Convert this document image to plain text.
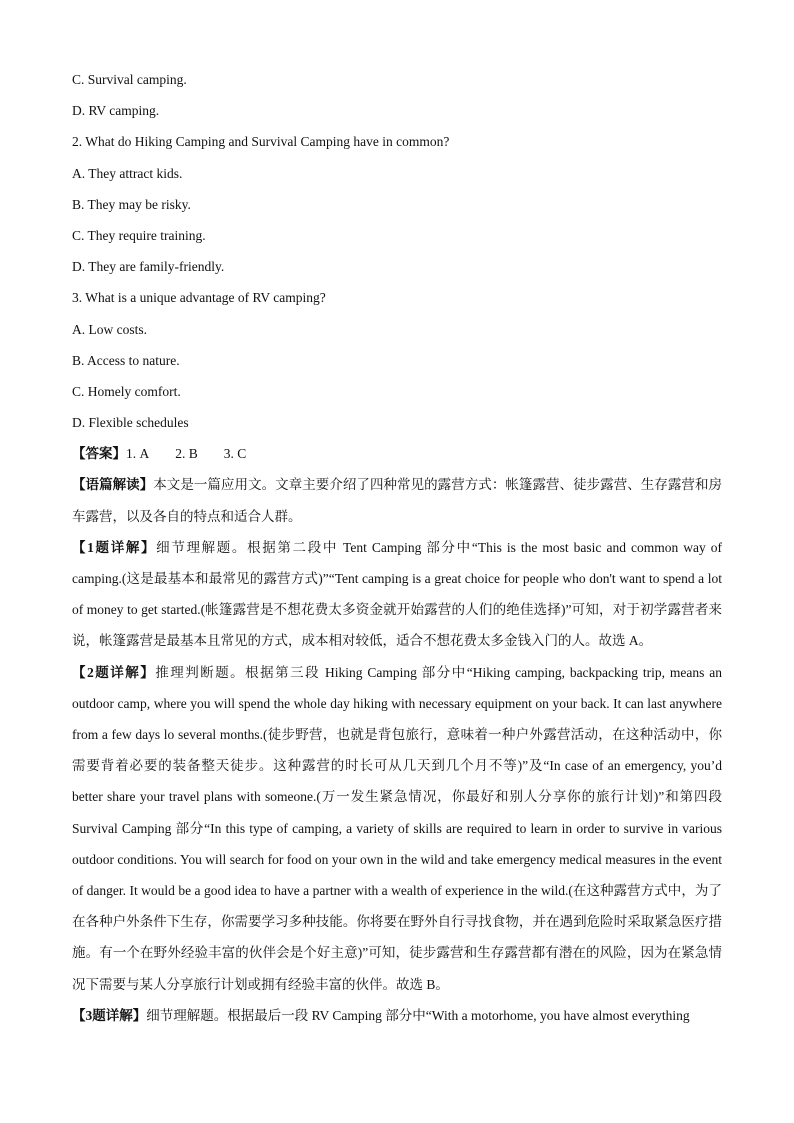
C. Survival camping.
D. RV camping.
2. What do Hiking Camping and Survival Camping have in common?
A. They attract kids.
B. They may be risky.
C. They require training.
D. They are family-friendly.
3. What is a unique advantage of RV camping?
A. Low costs.
B. Access to nature.
C. Homely comfort.
D. Flexible schedules
【答案】1. A 2. B 3. C

【语篇解读】本文是一篇应用文。文章主要介绍了四种常见的露营方式：帐篷露营、徒步露营、生存露营和房车露营，以及各自的特点和适合人群。

【1题详解】细节理解题。根据第二段中 Tent Camping 部分中“This is the most basic and common way of camping.(这是最基本和最常见的露营方式)”“Tent camping is a great choice for people who don't want to spend a lot of money to get started.(帐篷露营是不想花费太多资金就开始露营的人们的绝佳选择)”可知，对于初学露营者来说，帐篷露营是最基本且常见的方式，成本相对较低，适合不想花费太多金钱入门的人。故选 A。

【2题详解】推理判断题。根据第三段 Hiking Camping 部分中“Hiking camping, backpacking trip, means an outdoor camp, where you will spend the whole day hiking with necessary equipment on your back. It can last anywhere from a few days lo several months.(徒步野营，也就是背包旅行，意味着一种户外露营活动，在这种活动中，你需要背着必要的装备整天徒步。这种露营的时长可从几天到几个月不等)”及“In case of an emergency, you’d better share your travel plans with someone.(万一发生紧急情况，你最好和别人分享你的旅行计划)”和第四段 Survival Camping 部分“In this type of camping, a variety of skills are required to learn in order to survive in various outdoor conditions. You will search for food on your own in the wild and take emergency medical measures in the event of danger. It would be a good idea to have a partner with a wealth of experience in the wild.(在这种露营方式中，为了在各种户外条件下生存，你需要学习多种技能。你将要在野外自行寻找食物，并在遇到危险时采取紧急医疗措施。有一个在野外经验丰富的伙伴会是个好主意)”可知，徒步露营和生存露营都有潜在的风险，因为在紧急情况下需要与某人分享旅行计划或拥有经验丰富的伙伴。故选 B。

【3题详解】细节理解题。根据最后一段 RV Camping 部分中“With a motorhome, you have almost everything
